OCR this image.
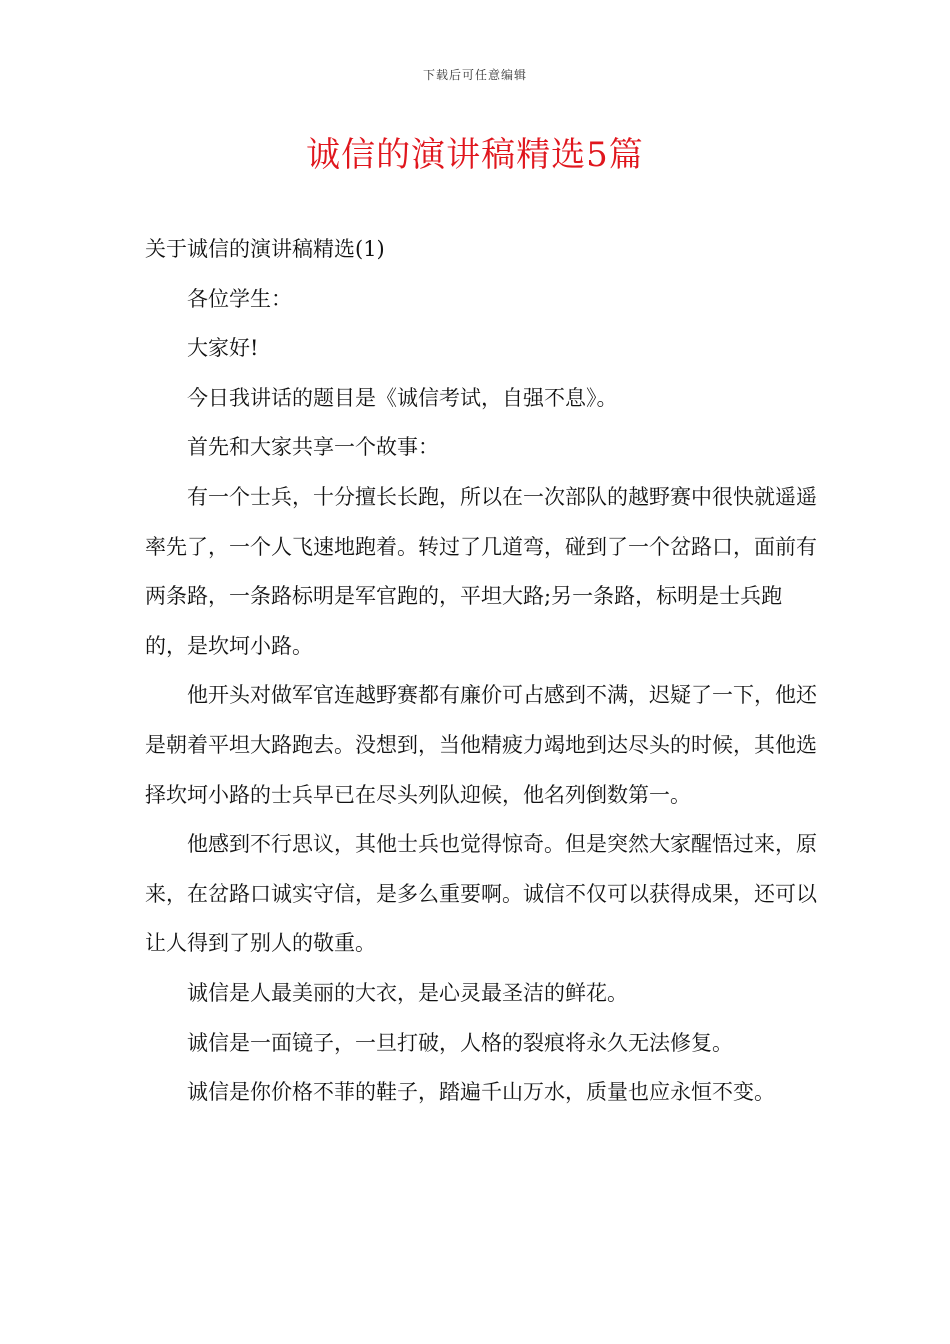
下载后可任意编辑
诚信的演讲稿精选5篇

关于诚信的演讲稿精选(1)

各位学生：

大家好!

今日我讲话的题目是《诚信考试，自强不息》。

首先和大家共享一个故事：

有一个士兵，十分擅长长跑，所以在一次部队的越野赛中很快就遥遥率先了，一个人飞速地跑着。转过了几道弯，碰到了一个岔路口，面前有两条路，一条路标明是军官跑的，平坦大路;另一条路，标明是士兵跑的，是坎坷小路。

他开头对做军官连越野赛都有廉价可占感到不满，迟疑了一下，他还是朝着平坦大路跑去。没想到，当他精疲力竭地到达尽头的时候，其他选择坎坷小路的士兵早已在尽头列队迎候，他名列倒数第一。

他感到不行思议，其他士兵也觉得惊奇。但是突然大家醒悟过来，原来，在岔路口诚实守信，是多么重要啊。诚信不仅可以获得成果，还可以让人得到了别人的敬重。

诚信是人最美丽的大衣，是心灵最圣洁的鲜花。

诚信是一面镜子，一旦打破，人格的裂痕将永久无法修复。

诚信是你价格不菲的鞋子，踏遍千山万水，质量也应永恒不变。
